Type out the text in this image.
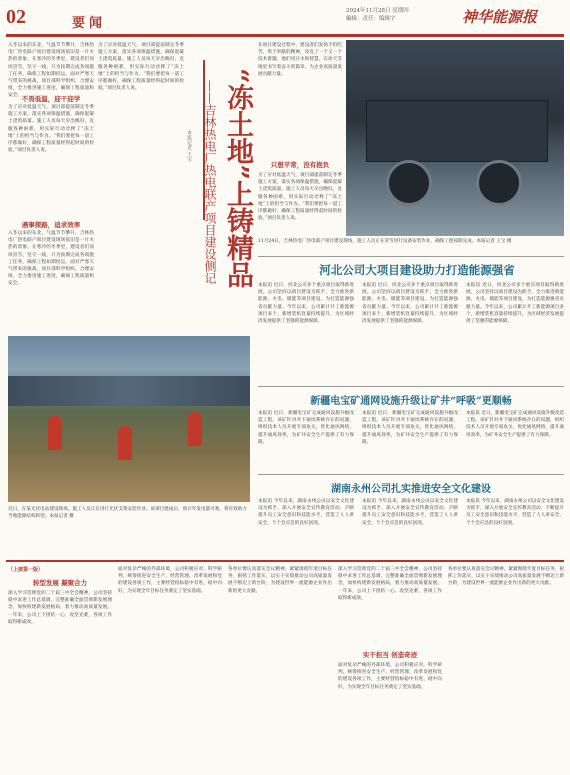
02	要闻
2024年11月28日 星期四
編辑：责任：编辑字	神华能源报
入冬以来的东北，气温节节攀升，吉林热电厂热电联产项目建设现场依旧是一片火热的景象。在寒冷的冬季里，建设者们顶风冒雪，坚守一线，只为按期完成各项施工任务，确保工程如期投运。面对严寒天气带来的挑战，项目部科学组织，合理安排，全力推进施工进度，确保工程质量和安全。 不畏低温，迎干迎学
为了应对低温天气，项目部提前制定冬季施工方案，落实各项保温措施，确保混凝土浇筑质量。施工人员每天早出晚归，克服各种困难，用实际行动诠释了“冻土地”上的担当与作为。“我们要把每一道工序都做好，确保工程质量经得起时间的检验。”项目负责人说。
遇事探路，追求效率
入冬以来的东北，气温节节攀升，吉林热电厂热电联产项目建设现场依旧是一片火热的景象。在寒冷的冬季里，建设者们顶风冒雪，坚守一线，只为按期完成各项施工任务，确保工程如期投运。面对严寒天气带来的挑战，项目部科学组织，合理安排，全力推进施工进度，确保工程质量和安全。
为了应对低温天气，项目部提前制定冬季施工方案，落实各项保温措施，确保混凝土浇筑质量。施工人员每天早出晚归，克服各种困难，用实际行动诠释了“冻土地”上的担当与作为。“我们要把每一道工序都做好，确保工程质量经得起时间的检验。”项目负责人说。	“冻土地”上铸精品
——吉林热电厂热电联产项目建设侧记
本报记者 王宝
在项目建设过程中，建设者们发扬不怕吃苦、勇于奉献的精神，攻克了一个又一个技术难题。他们用汗水和智慧，在冰天雪地里书写着奋斗的篇章，为企业高质量发展贡献力量。
只想平常，没有抱负
为了应对低温天气，项目部提前制定冬季施工方案，落实各项保温措施，确保混凝土浇筑质量。施工人员每天早出晚归，克服各种困难，用实际行动诠释了“冻土地”上的担当与作为。“我们要把每一道工序都做好，确保工程质量经得起时间的检验。”项目负责人说。
11月24日，吉林热电厂热电联产项目建设现场，施工人员正在冒雪进行设备安装作业，确保工程按期完成。本报记者 王宝 摄
河北公司大项目建设助力打造能源强省
本报讯 近日，河北公司多个重点项目取得新进展。公司坚持以项目建设为抓手，全力推进新能源、火电、储能等项目建设，为打造能源强省贡献力量。今年以来，公司累计开工新能源项目多个，新增装机容量持续提升，为区域经济发展提供了坚强的能源保障。
本报讯 近日，河北公司多个重点项目取得新进展。公司坚持以项目建设为抓手，全力推进新能源、火电、储能等项目建设，为打造能源强省贡献力量。今年以来，公司累计开工新能源项目多个，新增装机容量持续提升，为区域经济发展提供了坚强的能源保障。
本报讯 近日，河北公司多个重点项目取得新进展。公司坚持以项目建设为抓手，全力推进新能源、火电、储能等项目建设，为打造能源强省贡献力量。今年以来，公司累计开工新能源项目多个，新增装机容量持续提升，为区域经济发展提供了坚强的能源保障。
新疆电宝矿通网设施升级让矿井“呼吸”更顺畅
本报讯 近日，新疆电宝矿完成通风设施升级改造工程。该矿针对井下通风系统存在的问题，组织技术人员开展专项攻关，优化通风网络，提升通风效率，为矿井安全生产提供了有力保障。
本报讯 近日，新疆电宝矿完成通风设施升级改造工程。该矿针对井下通风系统存在的问题，组织技术人员开展专项攻关，优化通风网络，提升通风效率，为矿井安全生产提供了有力保障。
本报讯 近日，新疆电宝矿完成通风设施升级改造工程。该矿针对井下通风系统存在的问题，组织技术人员开展专项攻关，优化通风网络，提升通风效率，为矿井安全生产提供了有力保障。
湖南永州公司扎实推进安全文化建设
本报讯 今年以来，湖南永州公司以安全文化建设为抓手，深入开展安全宣传教育活动，不断提升员工安全意识和技能水平，营造了人人讲安全、个个会应急的良好氛围。
本报讯 今年以来，湖南永州公司以安全文化建设为抓手，深入开展安全宣传教育活动，不断提升员工安全意识和技能水平，营造了人人讲安全、个个会应急的良好氛围。
本报讯 今年以来，湖南永州公司以安全文化建设为抓手，深入开展安全宣传教育活动，不断提升员工安全意识和技能水平，营造了人人讲安全、个个会应急的良好氛围。
近日，在某光伏电站建设现场，施工人员正在进行光伏支架安装作业。该项目建成后，预计年发电量可观，将有效助力当地能源结构转型。本报记者 摄
（上接第一版）
转型发展 凝聚合力
深入学习贯彻党的二十届三中全会精神，公司坚持稳中求进工作总基调，完整准确全面贯彻新发展理念，加快构建新发展格局，着力推动高质量发展。一年来，公司上下团结一心、攻坚克难，各项工作取得新成效。
面对复杂严峻的外部环境，公司积极应对，科学研判，统筹推进安全生产、经营管理、改革发展和党的建设各项工作，主要经营指标稳中有进、稳中向好，为实现全年目标任务奠定了坚实基础。
各单位要认真落实会议精神，紧紧围绕年度目标任务，狠抓工作落实，以实干实绩推动公司高质量发展不断迈上新台阶，为建设世界一流能源企业作出新的更大贡献。
实干担当 创造奇迹
深入学习贯彻党的二十届三中全会精神，公司坚持稳中求进工作总基调，完整准确全面贯彻新发展理念，加快构建新发展格局，着力推动高质量发展。一年来，公司上下团结一心、攻坚克难，各项工作取得新成效。
面对复杂严峻的外部环境，公司积极应对，科学研判，统筹推进安全生产、经营管理、改革发展和党的建设各项工作，主要经营指标稳中有进、稳中向好，为实现全年目标任务奠定了坚实基础。
各单位要认真落实会议精神，紧紧围绕年度目标任务，狠抓工作落实，以实干实绩推动公司高质量发展不断迈上新台阶，为建设世界一流能源企业作出新的更大贡献。
